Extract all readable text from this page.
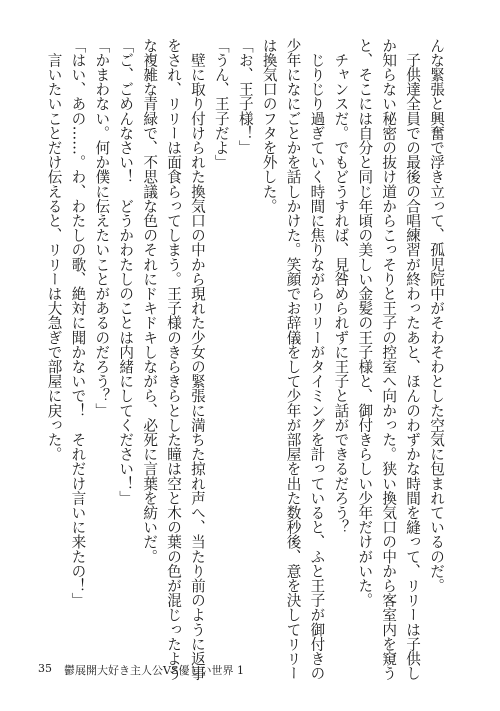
んな緊張と興奮で浮き立って、孤児院中がそわそわとした空気に包まれているのだ。
　子供達全員での最後の合唱練習が終わったあと、ほんのわずかな時間を縫って、リリーは子供し
か知らない秘密の抜け道からこっそりと王子の控室へ向かった。狭い換気口の中から客室内を窺う
と、そこには自分と同じ年頃の美しい金髪の王子様と、御付きらしい少年だけがいた。
　チャンスだ。でもどうすれば、見咎められずに王子と話ができるだろう？
　じりじり過ぎていく時間に焦りながらリリーがタイミングを計っていると、ふと王子が御付きの
少年になにごとかを話しかけた。笑顔でお辞儀をして少年が部屋を出た数秒後、意を決してリリー
は換気口のフタを外した。
「お、王子様！」
「うん、王子だよ」
　壁に取り付けられた換気口の中から現れた少女の緊張に満ちた掠れ声へ、当たり前のように返事
をされ、リリーは面食らってしまう。王子様のきらきらとした瞳は空と木の葉の色が混じったよう
な複雑な青緑で、不思議な色のそれにドキドキしながら、必死に言葉を紡いだ。
「ご、ごめんなさい！　どうかわたしのことは内緒にしてください！」
「かまわない。何か僕に伝えたいことがあるのだろう？」
「はい、あの……。わ、わたしの歌、絶対に聞かないで！　それだけ言いに来たの！」
　言いたいことだけ伝えると、リリーは大急ぎで部屋に戻った。
35 鬱展開大好き主人公VS優しい世界 1
